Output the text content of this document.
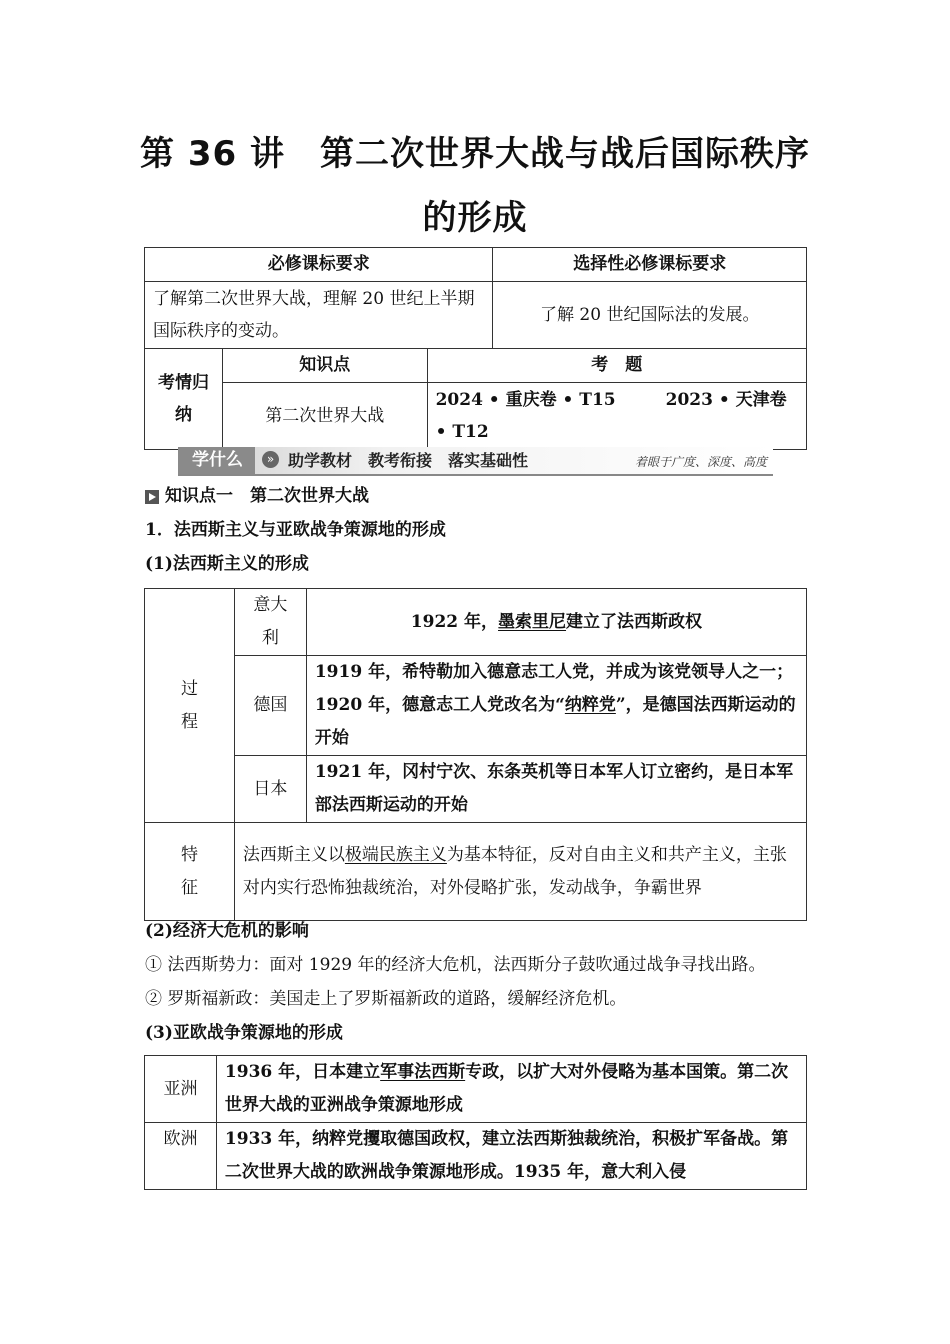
第 36 讲　第二次世界大战与战后国际秩序
的形成
必修课标要求			选择性必修课标要求
了解第二次世界大战，理解 20 世纪上半期国际秩序的变动。			了解 20 世纪国际法的发展。
考情归纳	知识点	考　题	
	第二次世界大战	2024 • 重庆卷 • T15 2023 • 天津卷 • T12	
学什么	» 助学教材　教考衔接　落实基础性	着眼于广度、深度、高度
知识点一　第二次世界大战
1．法西斯主义与亚欧战争策源地的形成
(1)法西斯主义的形成
过
程	意大利	1922 年，墨索里尼建立了法西斯政权
	德国	1919 年，希特勒加入德意志工人党，并成为该党领导人之一；1920 年，德意志工人党改名为“纳粹党”，是德国法西斯运动的开始
	日本	1921 年，冈村宁次、东条英机等日本军人订立密约，是日本军部法西斯运动的开始
特
征	法西斯主义以极端民族主义为基本特征，反对自由主义和共产主义，主张对内实行恐怖独裁统治，对外侵略扩张，发动战争，争霸世界	
(2)经济大危机的影响
① 法西斯势力：面对 1929 年的经济大危机，法西斯分子鼓吹通过战争寻找出路。
② 罗斯福新政：美国走上了罗斯福新政的道路，缓解经济危机。
(3)亚欧战争策源地的形成
亚洲	1936 年，日本建立军事法西斯专政，以扩大对外侵略为基本国策。第二次世界大战的亚洲战争策源地形成
欧洲	1933 年，纳粹党攫取德国政权，建立法西斯独裁统治，积极扩军备战。第二次世界大战的欧洲战争策源地形成。1935 年，意大利入侵
